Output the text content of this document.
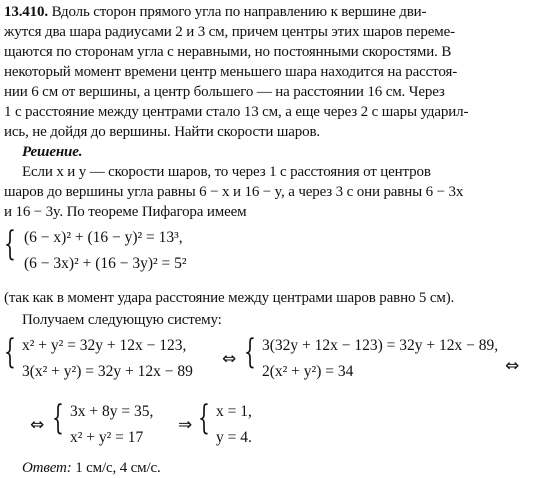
13.410. Вдоль сторон прямого угла по направлению к вершине дви-
жутся два шара радиусами 2 и 3 см, причем центры этих шаров переме-
щаются по сторонам угла с неравными, но постоянными скоростями. В
некоторый момент времени центр меньшего шара находится на расстоя-
нии 6 см от вершины, а центр большего — на расстоянии 16 см. Через
1 с расстояние между центрами стало 13 см, а еще через 2 с шары ударил-
ись, не дойдя до вершины. Найти скорости шаров.
Решение.
Если x и y — скорости шаров, то через 1 с расстояния от центров
шаров до вершины угла равны 6 − x и 16 − y, а через 3 с они равны 6 − 3x
и 16 − 3y. По теореме Пифагора имеем
{ (6 − x)² + (16 − y)² = 13³,
(6 − 3x)² + (16 − 3y)² = 5²
(так как в момент удара расстояние между центрами шаров равно 5 см).
Получаем следующую систему:
{ x² + y² = 32y + 12x − 123,
3(x² + y²) = 32y + 12x − 89
⇔ { 3(32y + 12x − 123) = 32y + 12x − 89,
2(x² + y²) = 34	⇔
⇔ { 3x + 8y = 35,
x² + y² = 17
⇒ { x = 1,
y = 4.
Ответ: 1 см/с, 4 см/с.
